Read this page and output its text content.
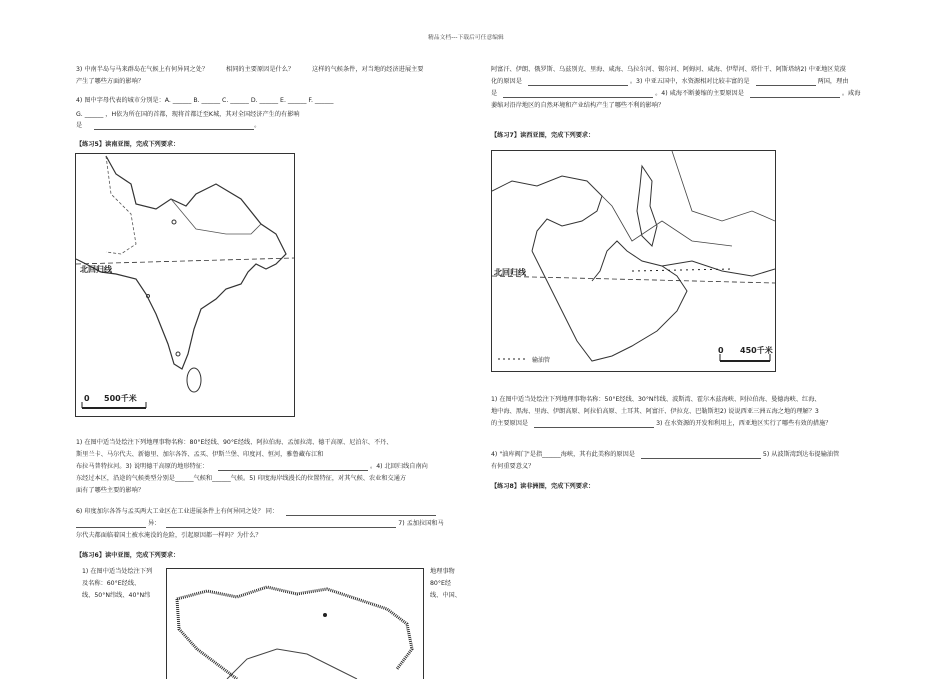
精品文档---下载后可任意编辑
3) 中南半岛与马来群岛在气候上有何异同之处？	相同的主要原因是什么？	这样的气候条件，对当地的经济进展主要
产生了哪些方面的影响？
4) 图中字母代表的城市分别是：A. ______ B. ______ C. ______ D. ______ E. ______ F. ______
G. ______ ，H依为所在国的首都，现将首都迁至K城，其对全国经济产生的有影响
是	。
【练习5】读南亚图，完成下列要求：
北回归线
0 500千米
1) 在图中适当处绘注下列地理事物名称：80°E经线、90°E经线、阿拉伯海、孟加拉湾、德干高原、尼泊尔、不丹、
斯里兰卡、马尔代夫、新德里、加尔各答、孟买、伊斯兰堡、印度河、恒河，雅鲁藏布江和
布拉马普特拉河。3) 说明德干高原的地形特征：	。4) 北回归线自南向
东经过本区，沿途的气候类型分别是______气候和______气候。5) 印度海岸线漫长的位置特征，对其气候、农业和交通方
面有了哪些主要的影响？
6) 印度加尔各答与孟买两大工业区在工业进展条件上有何异同之处？ 同：
异：	7) 孟加拉国和马
尔代夫都面临着国土被水淹没的危险，引起原因都一样吗？为什么？
【练习6】读中亚图，完成下列要求：
1) 在图中适当处绘注下列
及名称：60°E经线、
线、50°N纬线、40°N纬
地理事物
80°E经
线、中国、
阿富汗、伊朗、俄罗斯、乌兹别克、里海、咸海、乌拉尔河、锡尔河、阿姆河、咸海、伊犁河、塔什干、阿斯塔纳2) 中亚地区荒漠
化的原因是	。3) 中亚五国中，水资源相对比较丰富的是	两国，理由
是	。4) 咸海不断萎缩的主要原因是	。咸海
萎缩对沿岸地区的自然环境和产业结构产生了哪些不利的影响？
【练习7】读西亚图，完成下列要求：
北回归线
输油管
0 450千米
1) 在图中适当处绘注下列地理事物名称：50°E经线、30°N纬线、波斯湾、霍尔木兹海峡、阿拉伯海、曼德海峡、红海、
地中海、黑海、里海、伊朗高原、阿拉伯高原、土耳其、阿富汗、伊拉克、巴勒斯坦2) 说说西亚三洲五海之地的理解？3
的主要原因是	3) 在水资源的开发和利用上，西亚地区实行了哪些有效的措施？
4) "油库阀门"是指______海峡，其有此美称的原因是	5) 从波斯湾到达布提输油管
有何重要意义？
【练习8】读非洲图，完成下列要求：
